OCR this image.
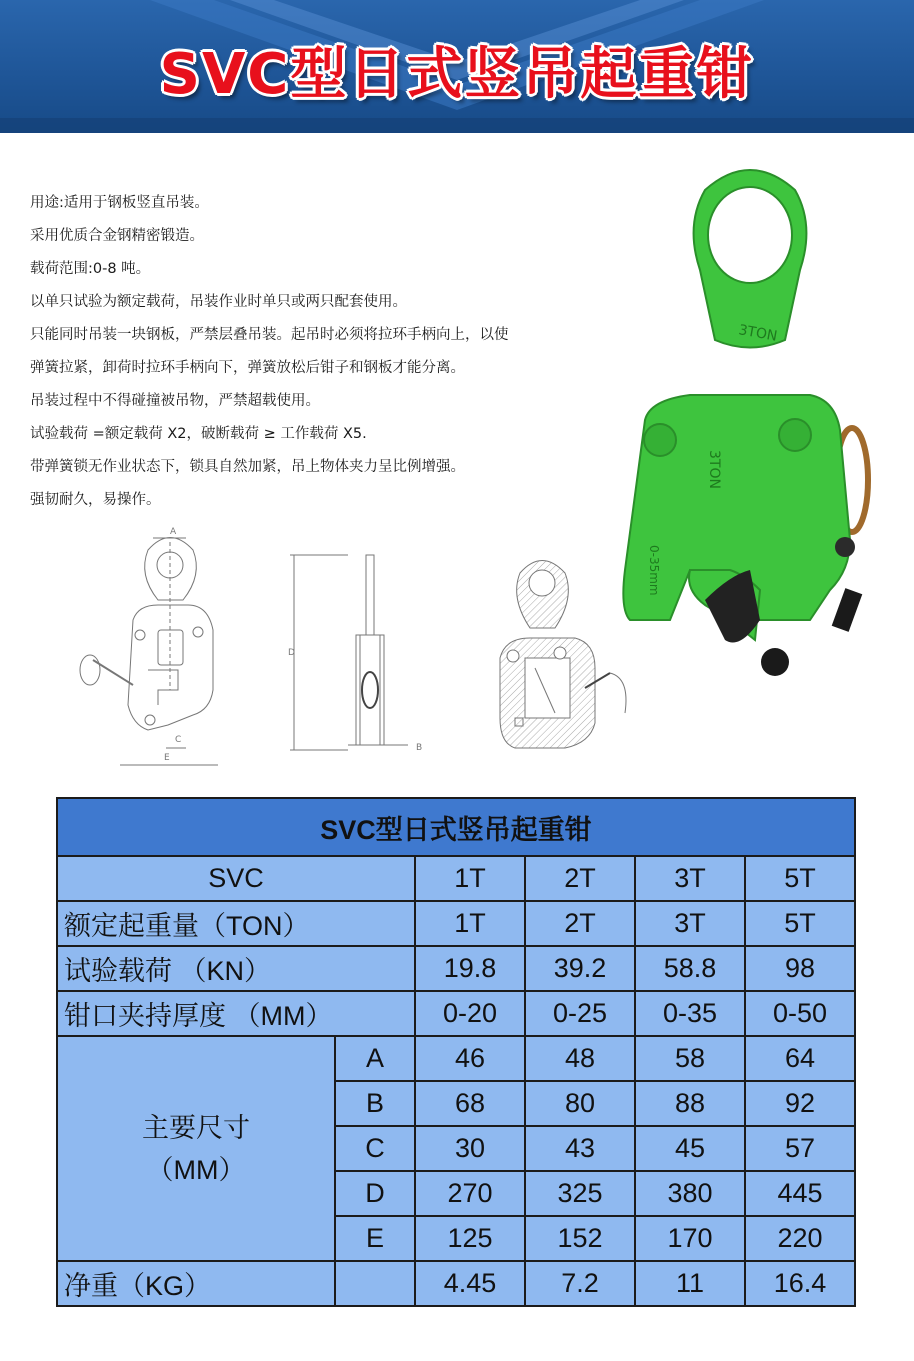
SVC型日式竖吊起重钳
用途:适用于钢板竖直吊装。
采用优质合金钢精密锻造。
载荷范围:0-8 吨。
以单只试验为额定载荷，吊装作业时单只或两只配套使用。
只能同时吊装一块钢板，严禁层叠吊装。起吊时必须将拉环手柄向上，以使
弹簧拉紧，卸荷时拉环手柄向下，弹簧放松后钳子和钢板才能分离。
吊装过程中不得碰撞被吊物，严禁超载使用。
试验载荷 =额定载荷 X2，破断载荷 ≥ 工作载荷 X5.
带弹簧锁无作业状态下，锁具自然加紧，吊上物体夹力呈比例增强。
强韧耐久，易操作。
3TON
3TON
0-35mm
A
E
C
D
B
SVC型日式竖吊起重钳					
SVC		1T	2T	3T	5T
额定起重量（TON）		1T	2T	3T	5T
试验载荷 （KN）		19.8	39.2	58.8	98
钳口夹持厚度 （MM）		0-20	0-25	0-35	0-50

主要尺寸
（MM）	A	46	48	58	64
	B	68	80	88	92
	C	30	43	45	57
	D	270	325	380	445
	E	125	152	170	220
净重（KG）		4.45	7.2	11	16.4
